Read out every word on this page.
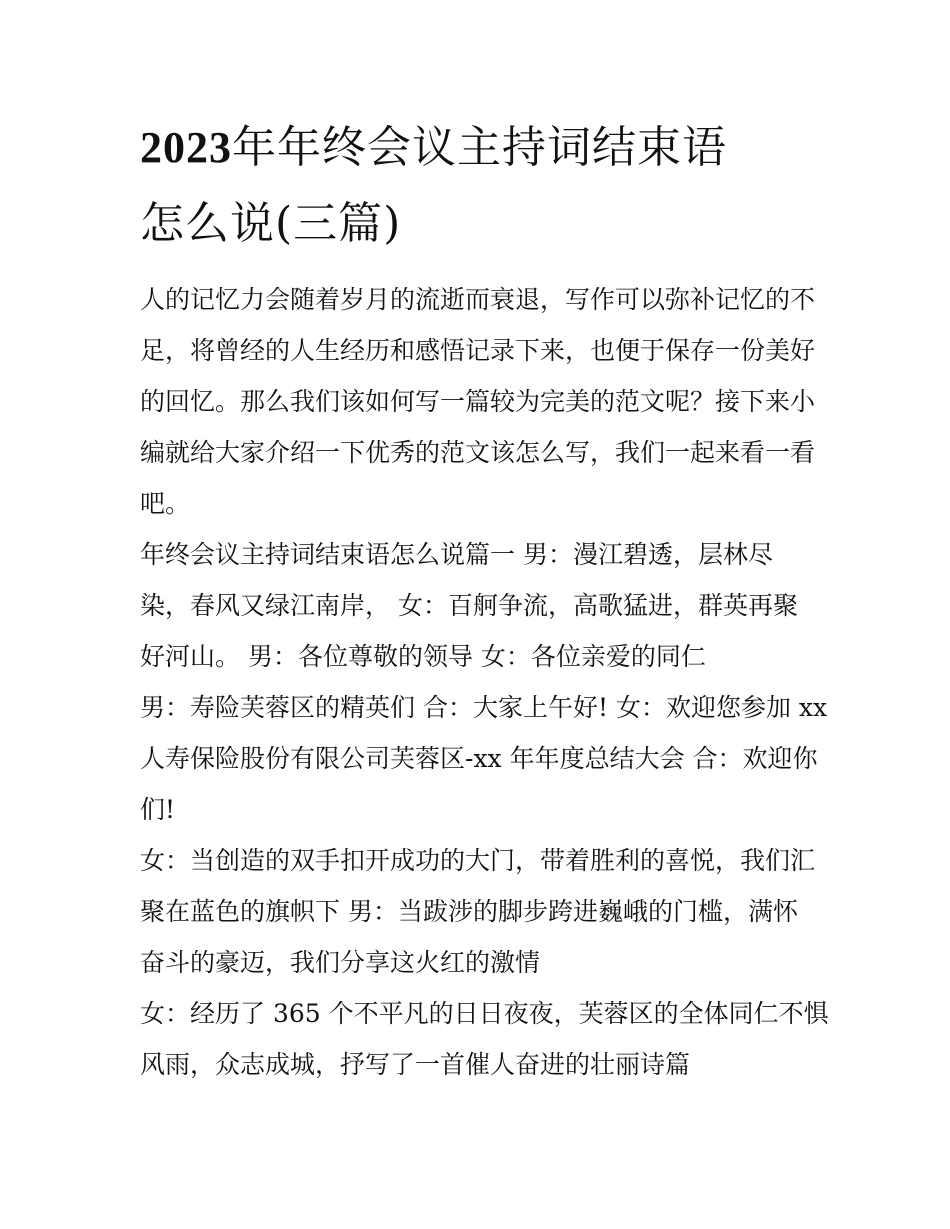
2023年年终会议主持词结束语
怎么说(三篇)
人的记忆力会随着岁月的流逝而衰退，写作可以弥补记忆的不
足，将曾经的人生经历和感悟记录下来，也便于保存一份美好
的回忆。那么我们该如何写一篇较为完美的范文呢？接下来小
编就给大家介绍一下优秀的范文该怎么写，我们一起来看一看
吧。
年终会议主持词结束语怎么说篇一 男：漫江碧透，层林尽
染，春风又绿江南岸， 女：百舸争流，高歌猛进，群英再聚
好河山。 男：各位尊敬的领导 女：各位亲爱的同仁
男：寿险芙蓉区的精英们 合：大家上午好! 女：欢迎您参加 xx
人寿保险股份有限公司芙蓉区-xx 年年度总结大会 合：欢迎你
们!
女：当创造的双手扣开成功的大门，带着胜利的喜悦，我们汇
聚在蓝色的旗帜下 男：当跋涉的脚步跨进巍峨的门槛，满怀
奋斗的豪迈，我们分享这火红的激情
女：经历了 365 个不平凡的日日夜夜，芙蓉区的全体同仁不惧
风雨，众志成城，抒写了一首催人奋进的壮丽诗篇
